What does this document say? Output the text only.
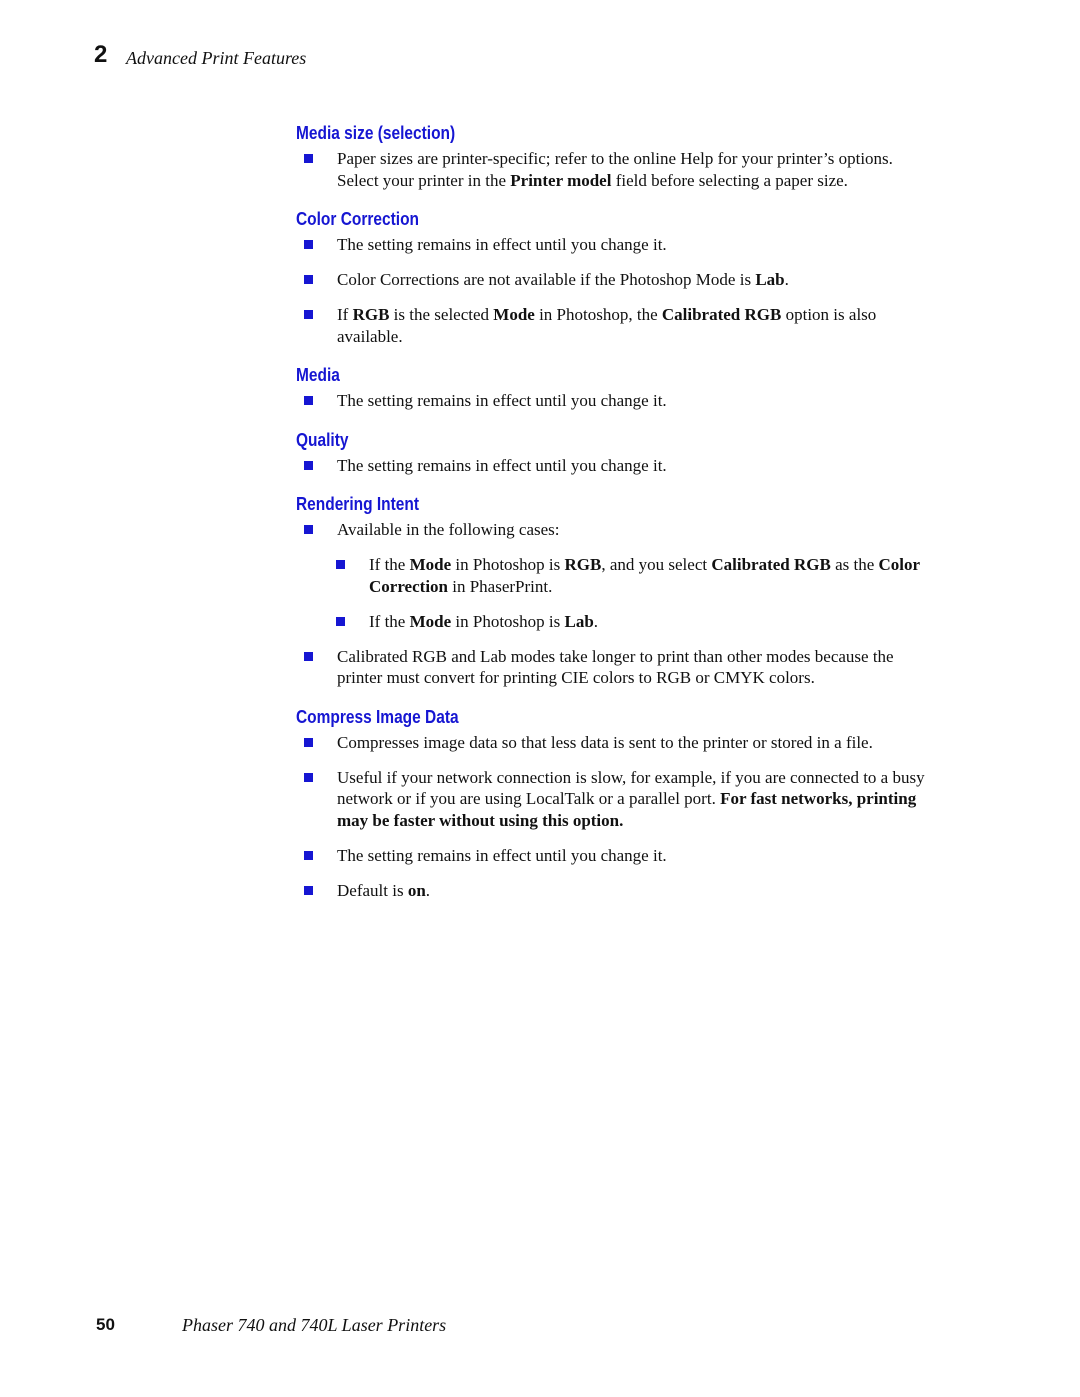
2 Advanced Print Features
Media size (selection)
Paper sizes are printer-specific; refer to the online Help for your printer’s options. Select your printer in the Printer model field before selecting a paper size.
Color Correction
The setting remains in effect until you change it.
Color Corrections are not available if the Photoshop Mode is Lab.
If RGB is the selected Mode in Photoshop, the Calibrated RGB option is also available.
Media
The setting remains in effect until you change it.
Quality
The setting remains in effect until you change it.
Rendering Intent
Available in the following cases:
If the Mode in Photoshop is RGB, and you select Calibrated RGB as the Color Correction in PhaserPrint.
If the Mode in Photoshop is Lab.
Calibrated RGB and Lab modes take longer to print than other modes because the printer must convert for printing CIE colors to RGB or CMYK colors.
Compress Image Data
Compresses image data so that less data is sent to the printer or stored in a file.
Useful if your network connection is slow, for example, if you are connected to a busy network or if you are using LocalTalk or a parallel port. For fast networks, printing may be faster without using this option.
The setting remains in effect until you change it.
Default is on.
50	Phaser 740 and 740L Laser Printers
